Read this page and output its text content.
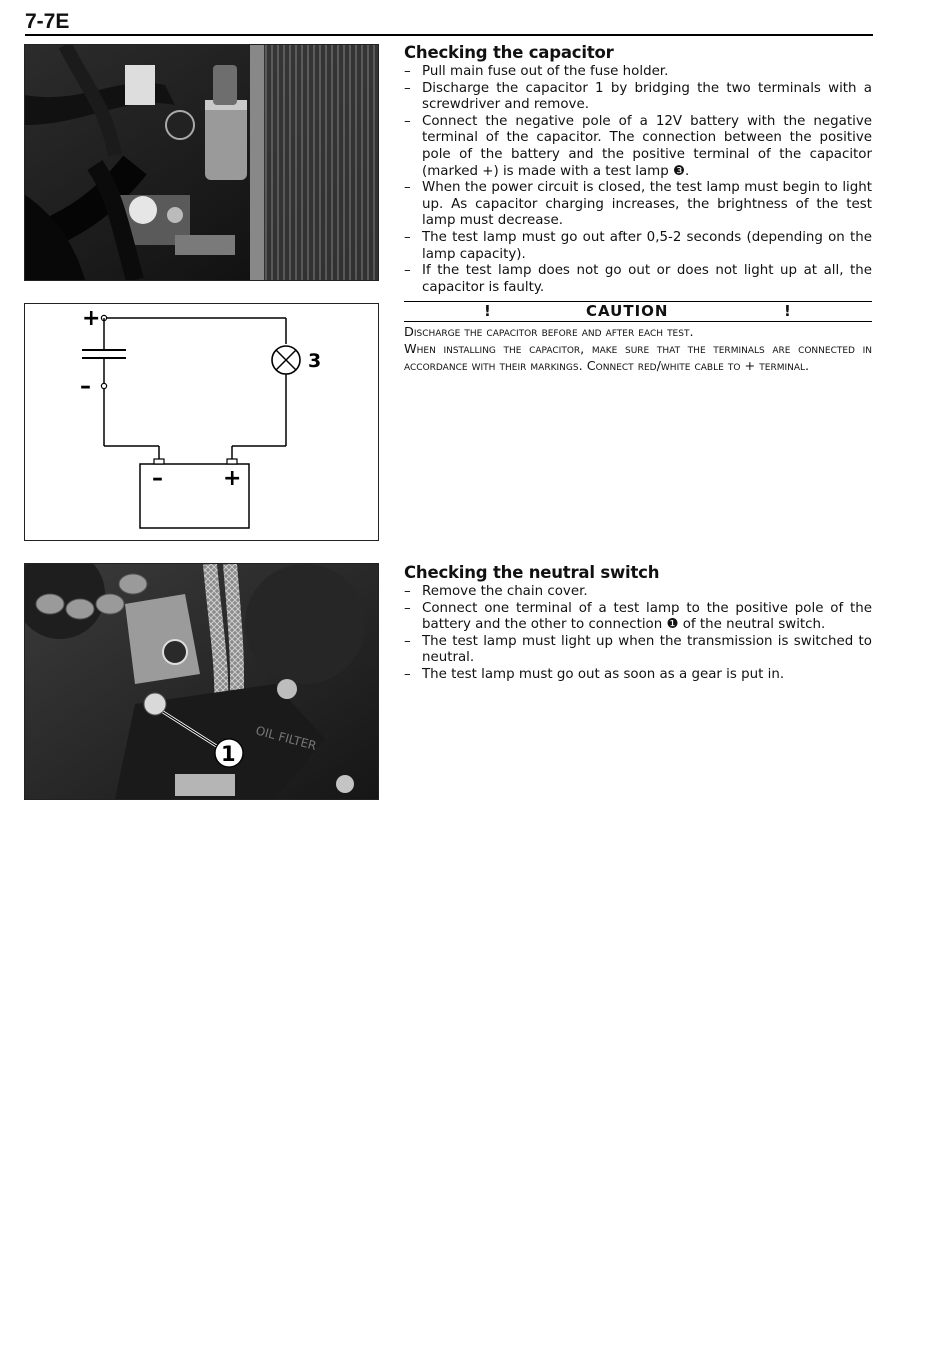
7-7E
3
+
–
–	+
OIL FILTER
1
Checking the capacitor
– Pull main fuse out of the fuse holder.
– Discharge the capacitor 1 by bridging the two terminals with a screwdriver and remove.
– Connect the negative pole of a 12V battery with the negative terminal of the capacitor. The connection between the positive pole of the battery and the positive terminal of the capacitor (marked +) is made with a test lamp ❸.
– When the power circuit is closed, the test lamp must begin to light up. As capacitor charging increases, the brightness of the test lamp must decrease.
– The test lamp must go out after 0,5-2 seconds (depending on the lamp capacity).
– If the test lamp does not go out or does not light up at all, the capacitor is faulty.
!	CAUTION	!

Discharge the capacitor before and after each test.

When installing the capacitor, make sure that the terminals are connected in accordance with their markings. Connect red/white cable to + terminal.

Checking the neutral switch
– Remove the chain cover.
– Connect one terminal of a test lamp to the positive pole of the battery and the other to connection ❶ of the neutral switch.
– The test lamp must light up when the transmission is switched to neutral.
– The test lamp must go out as soon as a gear is put in.
